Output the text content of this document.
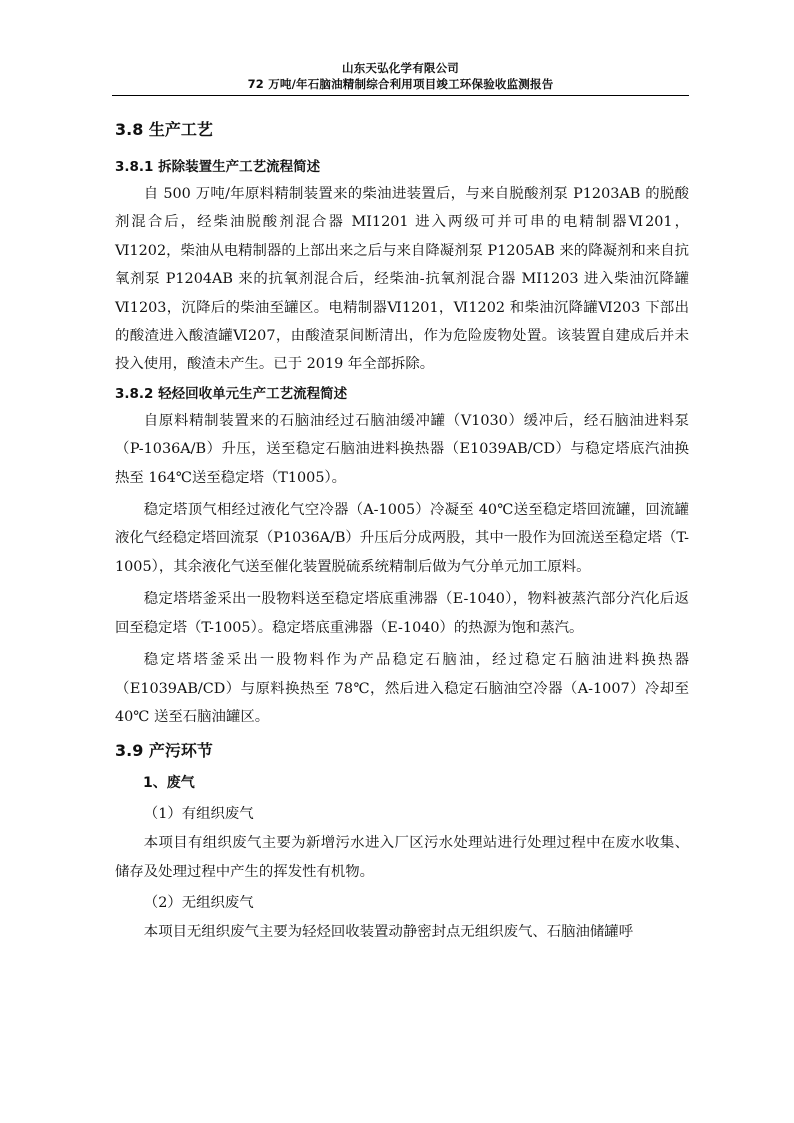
山东天弘化学有限公司
72 万吨/年石脑油精制综合利用项目竣工环保验收监测报告
3.8 生产工艺
3.8.1 拆除装置生产工艺流程简述

自 500 万吨/年原料精制装置来的柴油进装置后，与来自脱酸剂泵 P1203AB 的脱酸剂混合后，经柴油脱酸剂混合器 MI1201 进入两级可并可串的电精制器Ⅵ201，Ⅵ1202，柴油从电精制器的上部出来之后与来自降凝剂泵 P1205AB 来的降凝剂和来自抗氧剂泵 P1204AB 来的抗氧剂混合后，经柴油-抗氧剂混合器 MI1203 进入柴油沉降罐Ⅵ1203，沉降后的柴油至罐区。电精制器Ⅵ1201，Ⅵ1202 和柴油沉降罐Ⅵ203 下部出的酸渣进入酸渣罐Ⅵ207，由酸渣泵间断清出，作为危险废物处置。该装置自建成后并未投入使用，酸渣未产生。已于 2019 年全部拆除。

3.8.2 轻烃回收单元生产工艺流程简述

自原料精制装置来的石脑油经过石脑油缓冲罐（V1030）缓冲后，经石脑油进料泵（P-1036A/B）升压，送至稳定石脑油进料换热器（E1039AB/CD）与稳定塔底汽油换热至 164℃送至稳定塔（T1005）。

稳定塔顶气相经过液化气空冷器（A-1005）冷凝至 40℃送至稳定塔回流罐，回流罐液化气经稳定塔回流泵（P1036A/B）升压后分成两股，其中一股作为回流送至稳定塔（T-1005），其余液化气送至催化装置脱硫系统精制后做为气分单元加工原料。

稳定塔塔釜采出一股物料送至稳定塔底重沸器（E-1040），物料被蒸汽部分汽化后返回至稳定塔（T-1005）。稳定塔底重沸器（E-1040）的热源为饱和蒸汽。

稳定塔塔釜采出一股物料作为产品稳定石脑油，经过稳定石脑油进料换热器（E1039AB/CD）与原料换热至 78℃，然后进入稳定石脑油空冷器（A-1007）冷却至 40℃ 送至石脑油罐区。

3.9 产污环节
1、废气
（1）有组织废气

本项目有组织废气主要为新增污水进入厂区污水处理站进行处理过程中在废水收集、储存及处理过程中产生的挥发性有机物。

（2）无组织废气

本项目无组织废气主要为轻烃回收装置动静密封点无组织废气、石脑油储罐呼
